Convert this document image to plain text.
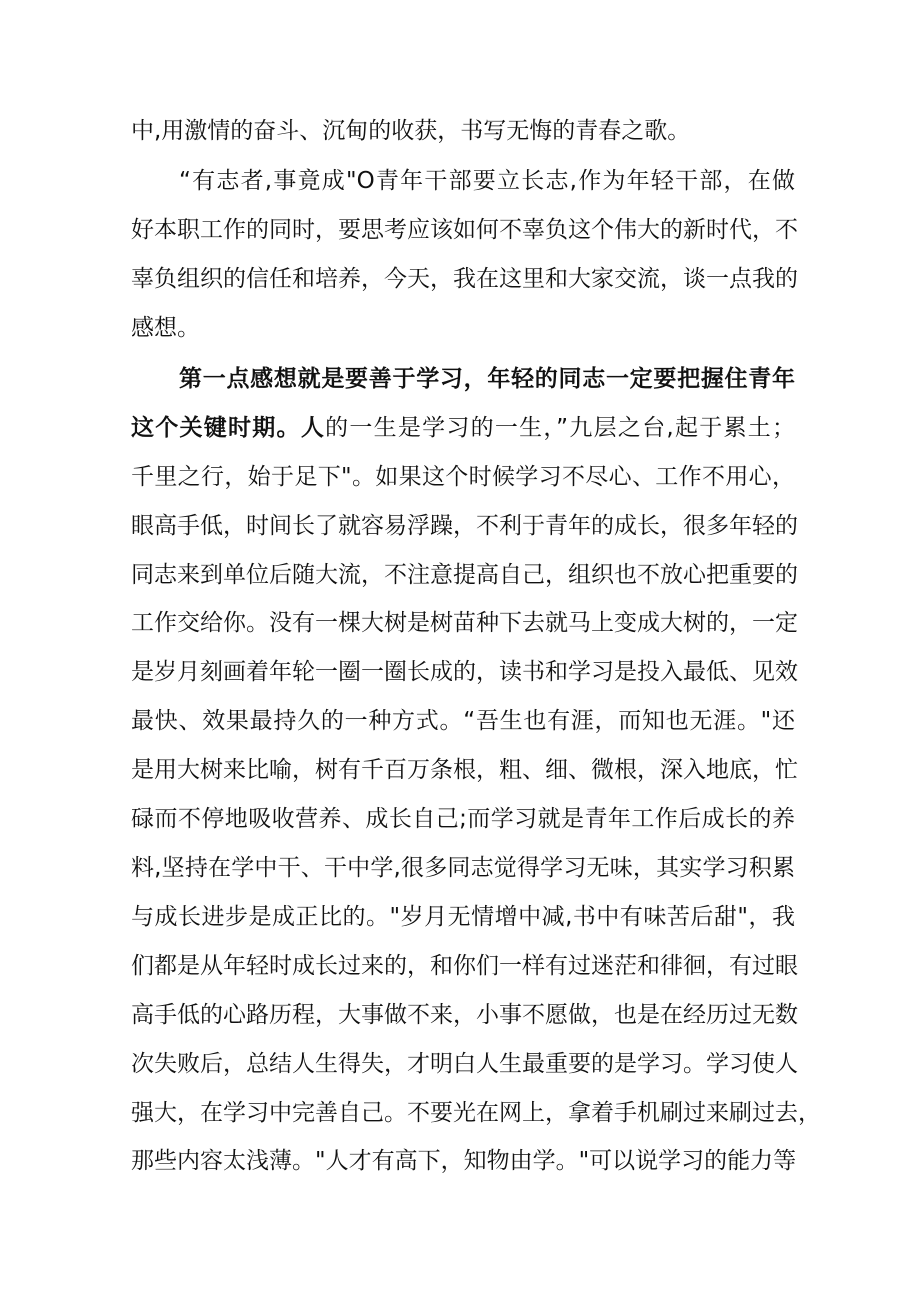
中,用激情的奋斗、沉甸的收获，书写无悔的青春之歌。
“有志者,事竟成"O青年干部要立长志,作为年轻干部，在做
好本职工作的同时，要思考应该如何不辜负这个伟大的新时代，不
辜负组织的信任和培养，今天，我在这里和大家交流，谈一点我的
感想。
第一点感想就是要善于学习，年轻的同志一定要把握住青年
这个关键时期。人的一生是学习的一生，”九层之台,起于累土；
千里之行，始于足下"。如果这个时候学习不尽心、工作不用心，
眼高手低，时间长了就容易浮躁，不利于青年的成长，很多年轻的
同志来到单位后随大流，不注意提高自己，组织也不放心把重要的
工作交给你。没有一棵大树是树苗种下去就马上变成大树的，一定
是岁月刻画着年轮一圈一圈长成的，读书和学习是投入最低、见效
最快、效果最持久的一种方式。“吾生也有涯，而知也无涯。"还
是用大树来比喻，树有千百万条根，粗、细、微根，深入地底，忙
碌而不停地吸收营养、成长自己;而学习就是青年工作后成长的养
料,坚持在学中干、干中学,很多同志觉得学习无味，其实学习积累
与成长进步是成正比的。"岁月无情增中减,书中有味苦后甜"，我
们都是从年轻时成长过来的，和你们一样有过迷茫和徘徊，有过眼
高手低的心路历程，大事做不来，小事不愿做，也是在经历过无数
次失败后，总结人生得失，才明白人生最重要的是学习。学习使人
强大，在学习中完善自己。不要光在网上，拿着手机刷过来刷过去，
那些内容太浅薄。"人才有高下，知物由学。"可以说学习的能力等
